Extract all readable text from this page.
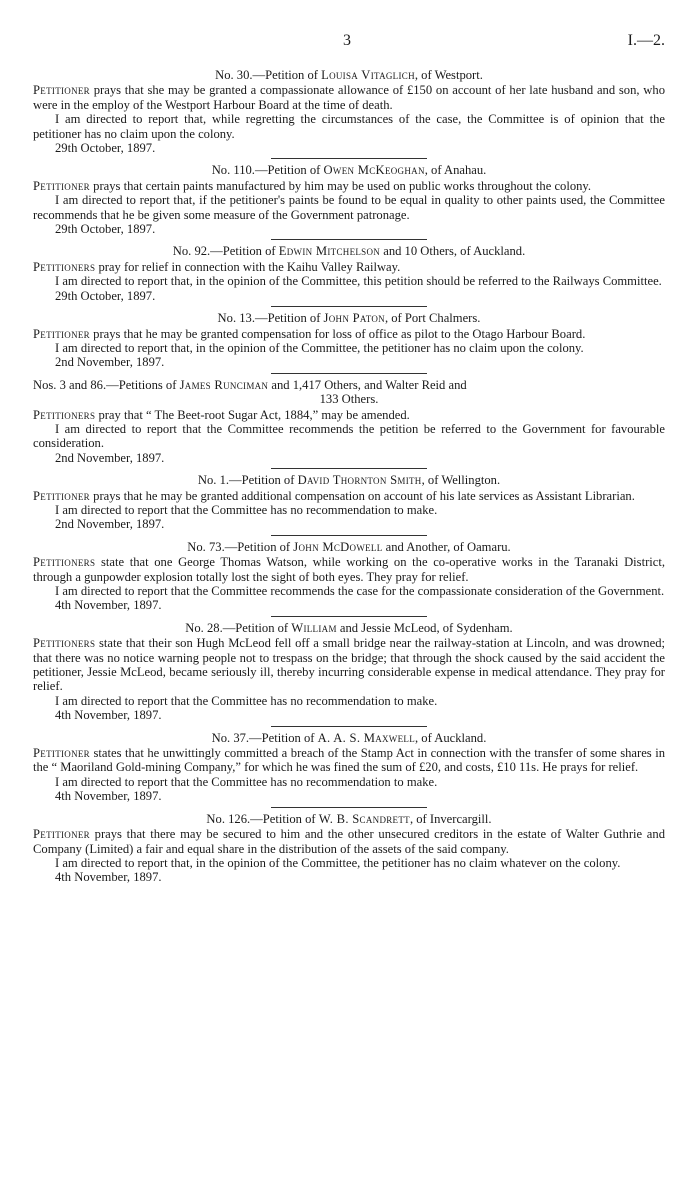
3	I.—2.
No. 30.—Petition of Louisa Vitaglich, of Westport.
Petitioner prays that she may be granted a compassionate allowance of £150 on account of her late husband and son, who were in the employ of the Westport Harbour Board at the time of death.
I am directed to report that, while regretting the circumstances of the case, the Committee is of opinion that the petitioner has no claim upon the colony.
29th October, 1897.
No. 110.—Petition of Owen McKeoghan, of Anahau.
Petitioner prays that certain paints manufactured by him may be used on public works throughout the colony.
I am directed to report that, if the petitioner's paints be found to be equal in quality to other paints used, the Committee recommends that he be given some measure of the Government patronage.
29th October, 1897.
No. 92.—Petition of Edwin Mitchelson and 10 Others, of Auckland.
Petitioners pray for relief in connection with the Kaihu Valley Railway.
I am directed to report that, in the opinion of the Committee, this petition should be referred to the Railways Committee.
29th October, 1897.
No. 13.—Petition of John Paton, of Port Chalmers.
Petitioner prays that he may be granted compensation for loss of office as pilot to the Otago Harbour Board.
I am directed to report that, in the opinion of the Committee, the petitioner has no claim upon the colony.
2nd November, 1897.
Nos. 3 and 86.—Petitions of James Runciman and 1,417 Others, and Walter Reid and
133 Others.
Petitioners pray that “ The Beet-root Sugar Act, 1884,” may be amended.
I am directed to report that the Committee recommends the petition be referred to the Government for favourable consideration.
2nd November, 1897.
No. 1.—Petition of David Thornton Smith, of Wellington.
Petitioner prays that he may be granted additional compensation on account of his late services as Assistant Librarian.
I am directed to report that the Committee has no recommendation to make.
2nd November, 1897.
No. 73.—Petition of John McDowell and Another, of Oamaru.
Petitioners state that one George Thomas Watson, while working on the co-operative works in the Taranaki District, through a gunpowder explosion totally lost the sight of both eyes. They pray for relief.
I am directed to report that the Committee recommends the case for the compassionate consideration of the Government.
4th November, 1897.
No. 28.—Petition of William and Jessie McLeod, of Sydenham.
Petitioners state that their son Hugh McLeod fell off a small bridge near the railway-station at Lincoln, and was drowned; that there was no notice warning people not to trespass on the bridge; that through the shock caused by the said accident the petitioner, Jessie McLeod, became seriously ill, thereby incurring considerable expense in medical attendance. They pray for relief.
I am directed to report that the Committee has no recommendation to make.
4th November, 1897.
No. 37.—Petition of A. A. S. Maxwell, of Auckland.
Petitioner states that he unwittingly committed a breach of the Stamp Act in connection with the transfer of some shares in the “ Maoriland Gold-mining Company,” for which he was fined the sum of £20, and costs, £10 11s. He prays for relief.
I am directed to report that the Committee has no recommendation to make.
4th November, 1897.
No. 126.—Petition of W. B. Scandrett, of Invercargill.
Petitioner prays that there may be secured to him and the other unsecured creditors in the estate of Walter Guthrie and Company (Limited) a fair and equal share in the distribution of the assets of the said company.
I am directed to report that, in the opinion of the Committee, the petitioner has no claim whatever on the colony.
4th November, 1897.
